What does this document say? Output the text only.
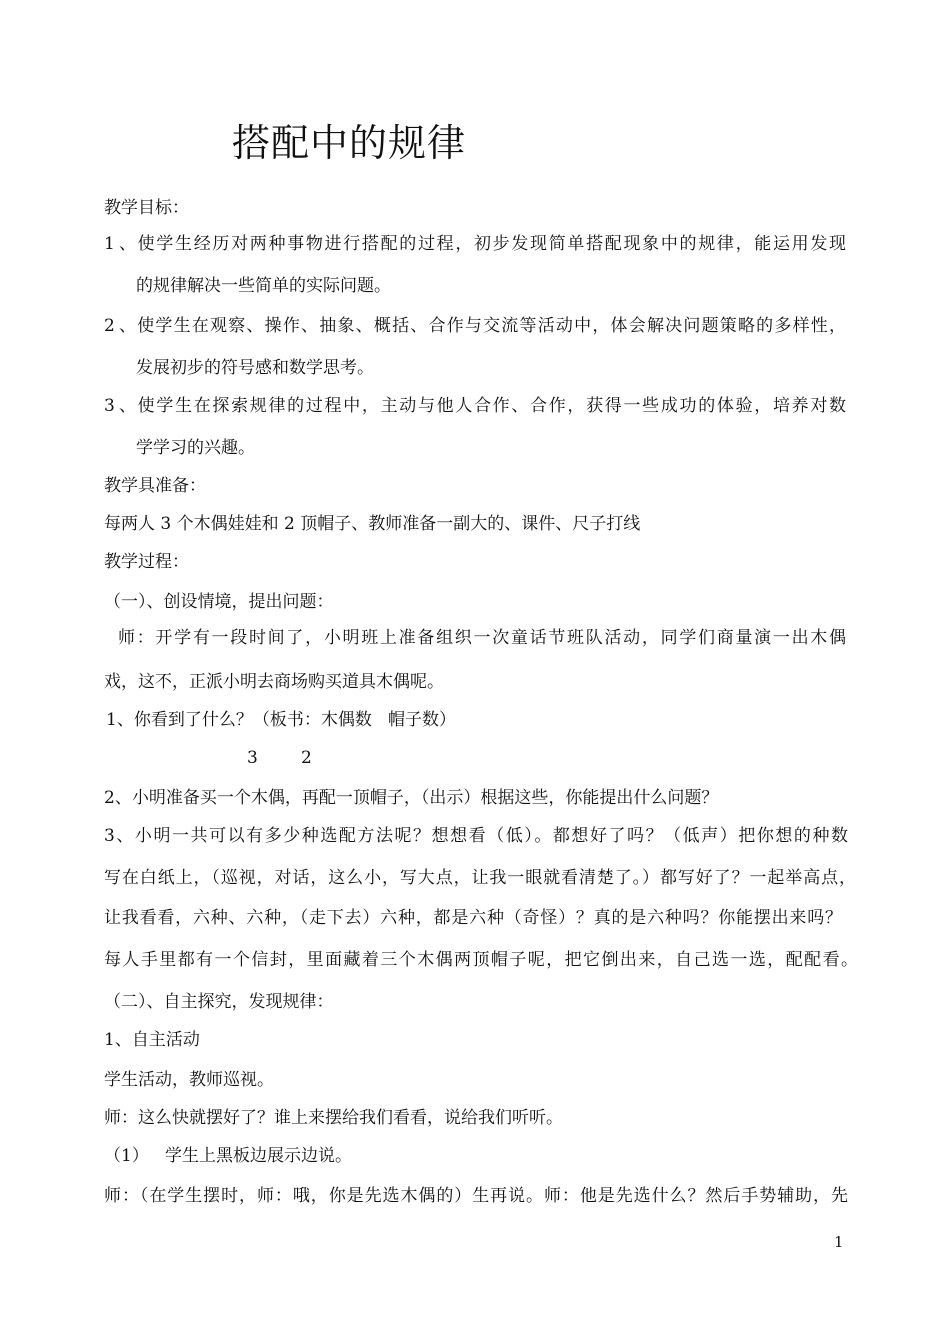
搭配中的规律
教学目标：
1、使学生经历对两种事物进行搭配的过程，初步发现简单搭配现象中的规律，能运用发现
的规律解决一些简单的实际问题。
2、使学生在观察、操作、抽象、概括、合作与交流等活动中，体会解决问题策略的多样性，
发展初步的符号感和数学思考。
3、使学生在探索规律的过程中，主动与他人合作、合作，获得一些成功的体验，培养对数
学学习的兴趣。
教学具准备：
每两人 3 个木偶娃娃和 2 顶帽子、教师准备一副大的、课件、尺子打线
教学过程：
（一）、创设情境，提出问题：
师：开学有一段时间了，小明班上准备组织一次童话节班队活动，同学们商量演一出木偶
戏，这不，正派小明去商场购买道具木偶呢。
1、你看到了什么？（板书：木偶数   帽子数）
3        2
2、小明准备买一个木偶，再配一顶帽子，（出示）根据这些，你能提出什么问题？
3、小明一共可以有多少种选配方法呢？想想看（低）。都想好了吗？（低声）把你想的种数
写在白纸上，（巡视，对话，这么小，写大点，让我一眼就看清楚了。）都写好了？一起举高点，
让我看看，六种、六种，（走下去）六种，都是六种（奇怪）？真的是六种吗？你能摆出来吗？
每人手里都有一个信封，里面藏着三个木偶两顶帽子呢，把它倒出来，自己选一选，配配看。
（二）、自主探究，发现规律：
1、自主活动
学生活动，教师巡视。
师：这么快就摆好了？谁上来摆给我们看看，说给我们听听。
（1）   学生上黑板边展示边说。
师：（在学生摆时，师：哦，你是先选木偶的）生再说。师：他是先选什么？然后手势辅助，先
1
